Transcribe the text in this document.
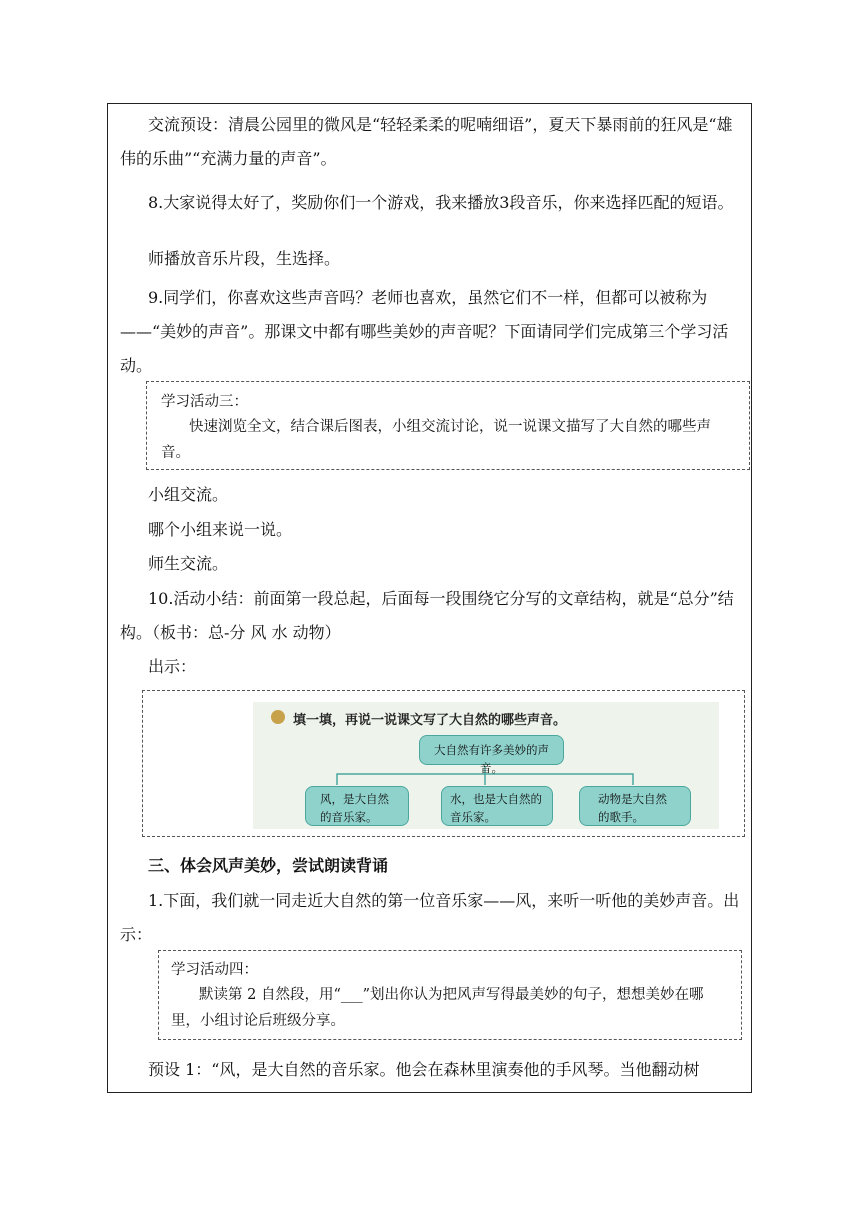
交流预设：清晨公园里的微风是“轻轻柔柔的呢喃细语”，夏天下暴雨前的狂风是“雄伟的乐曲”“充满力量的声音”。

8.大家说得太好了，奖励你们一个游戏，我来播放3段音乐，你来选择匹配的短语。

师播放音乐片段，生选择。

9.同学们，你喜欢这些声音吗？老师也喜欢，虽然它们不一样，但都可以被称为——“美妙的声音”。那课文中都有哪些美妙的声音呢？下面请同学们完成第三个学习活动。

学习活动三：

快速浏览全文，结合课后图表，小组交流讨论，说一说课文描写了大自然的哪些声音。

小组交流。

哪个小组来说一说。

师生交流。

10.活动小结：前面第一段总起，后面每一段围绕它分写的文章结构，就是“总分”结构。（板书：总-分 风 水 动物）

出示：

填一填，再说一说课文写了大自然的哪些声音。
大自然有许多美妙的声音。
风，是大自然的音乐家。
水，也是大自然的音乐家。
动物是大自然的歌手。

三、体会风声美妙，尝试朗读背诵

1.下面，我们就一同走近大自然的第一位音乐家——风，来听一听他的美妙声音。出示：

学习活动四：

默读第 2 自然段，用“___”划出你认为把风声写得最美妙的句子，想想美妙在哪里，小组讨论后班级分享。

预设 1：“风，是大自然的音乐家。他会在森林里演奏他的手风琴。当他翻动树
